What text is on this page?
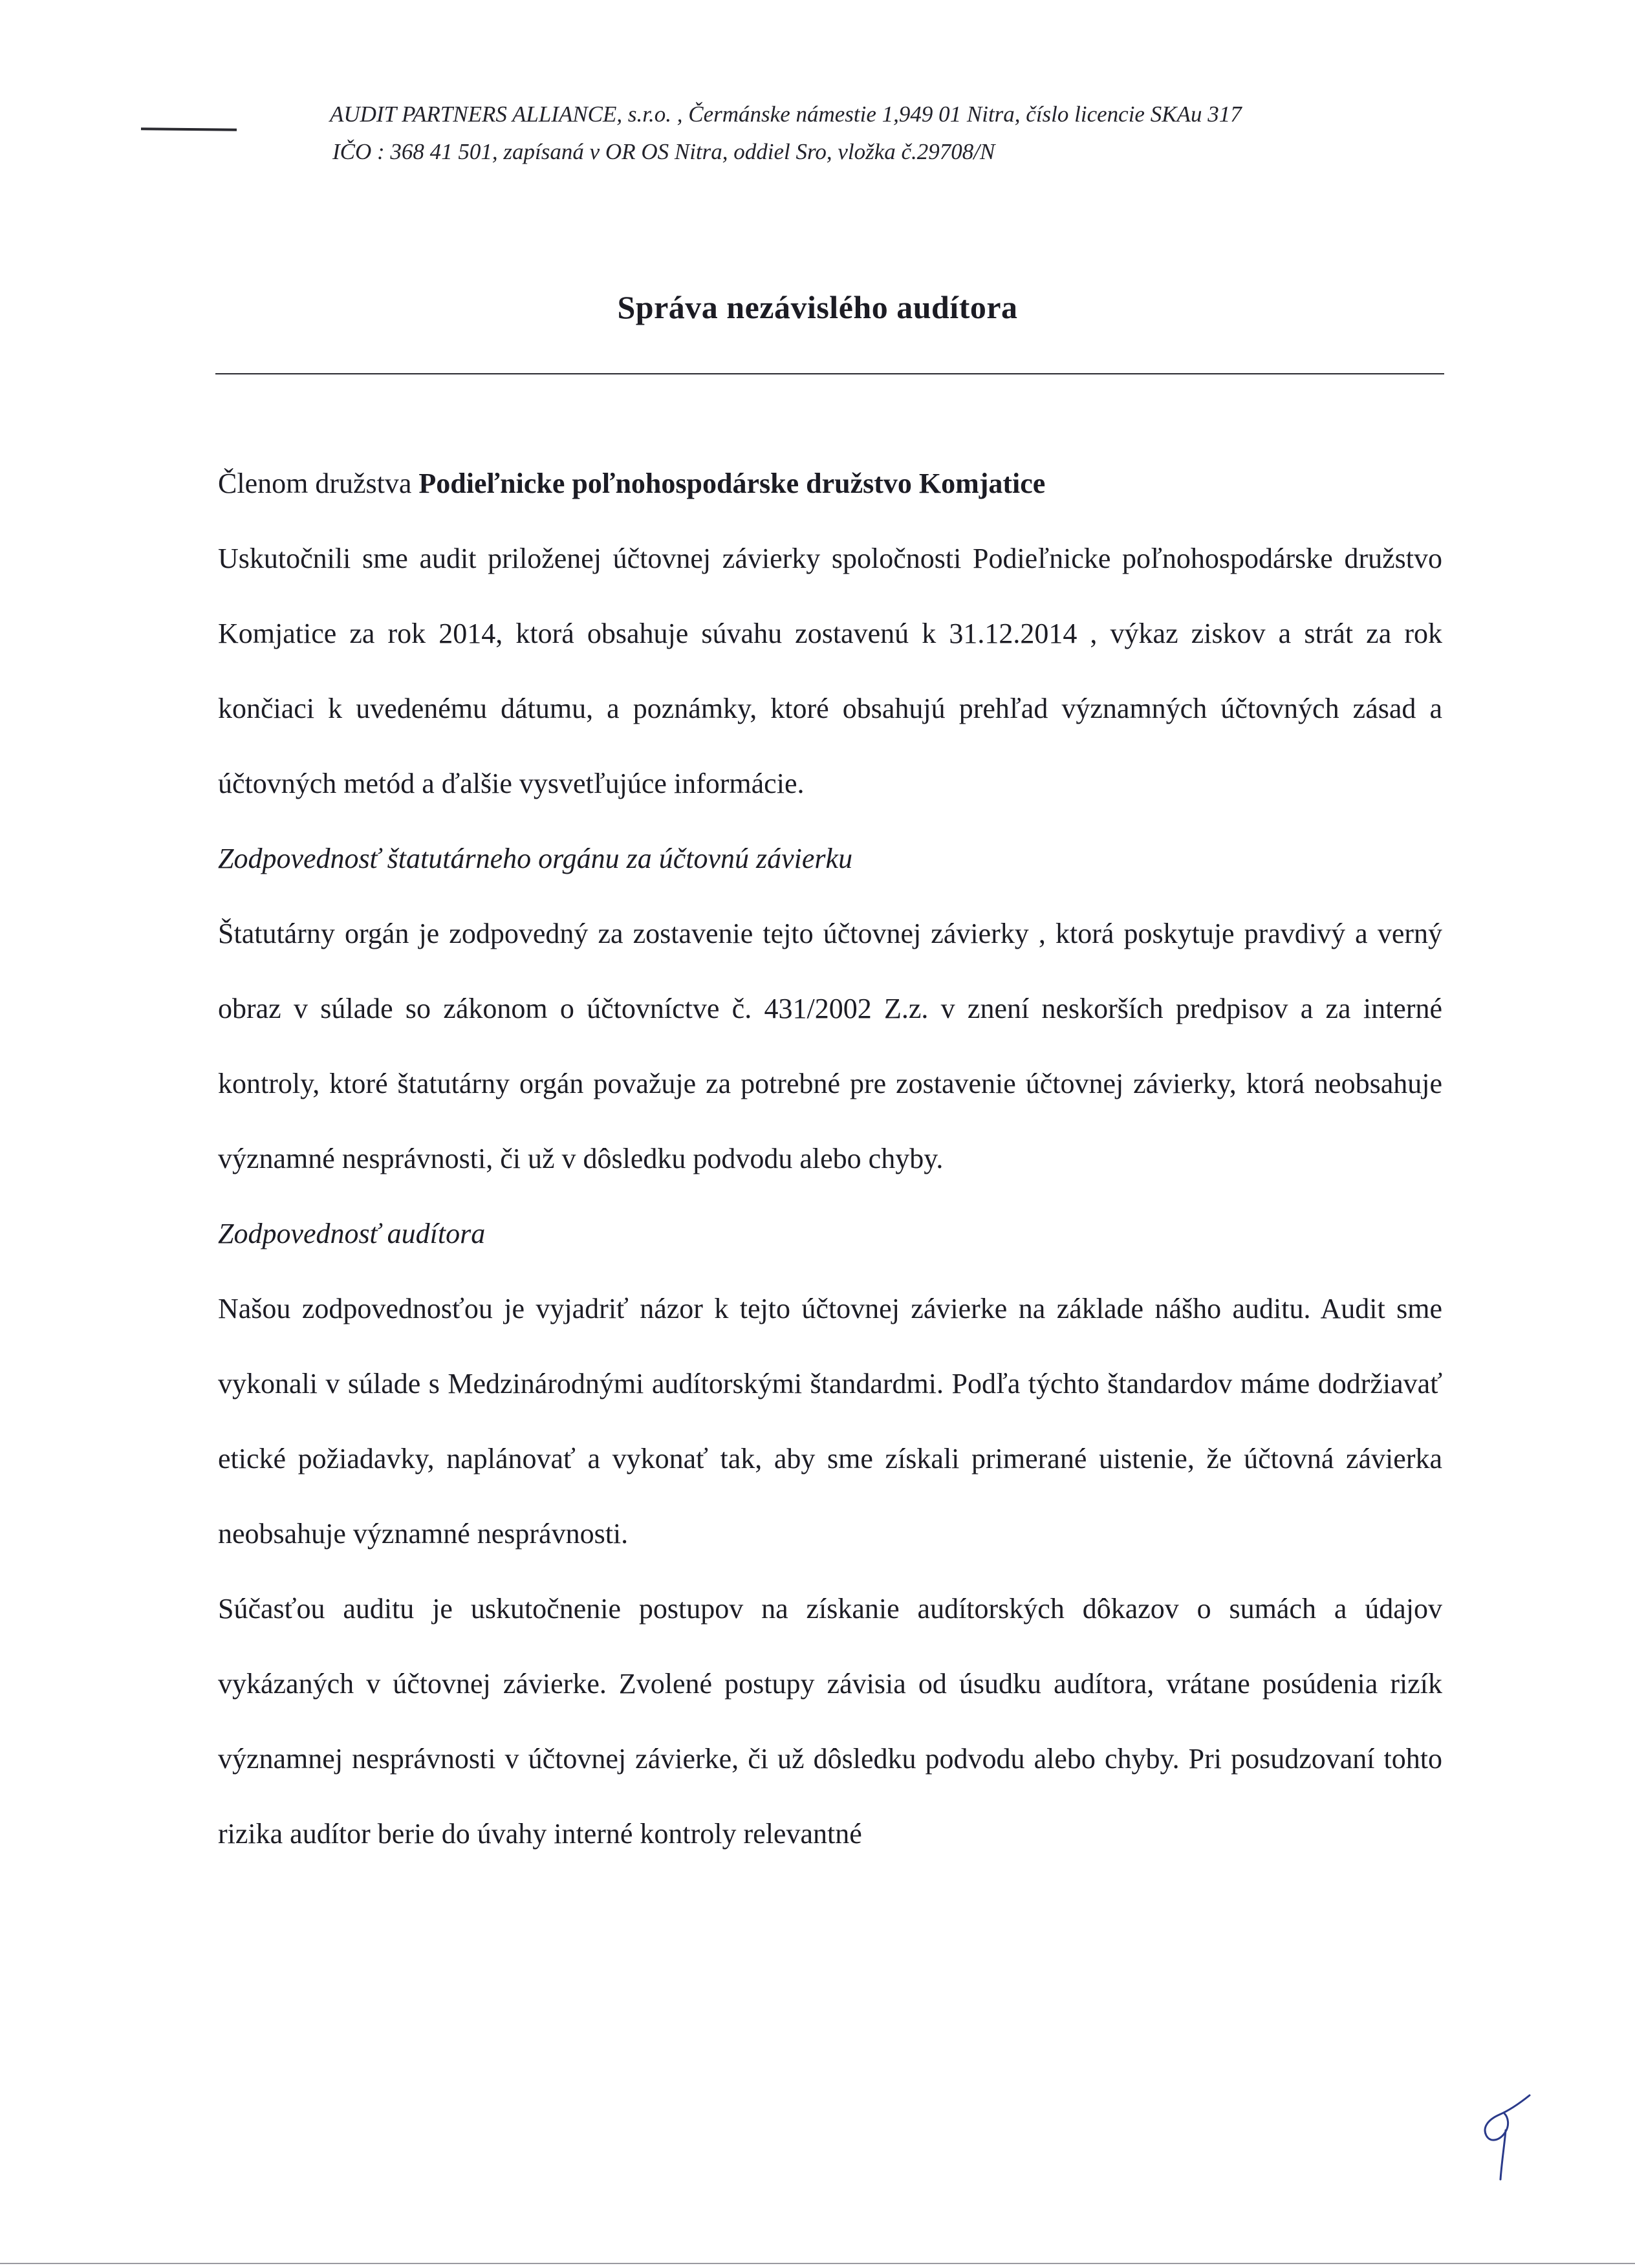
AUDIT PARTNERS ALLIANCE, s.r.o. , Čermánske námestie 1,949 01 Nitra, číslo licencie SKAu 317
IČO : 368 41 501, zapísaná v OR OS Nitra, oddiel Sro, vložka č.29708/N
Správa nezávislého audítora

Členom družstva Podieľnicke poľnohospodárske družstvo Komjatice

Uskutočnili sme audit priloženej účtovnej závierky spoločnosti Podieľnicke poľnohospodárske družstvo Komjatice za rok 2014, ktorá obsahuje súvahu zostavenú k 31.12.2014 , výkaz ziskov a strát za rok končiaci k uvedenému dátumu, a poznámky, ktoré obsahujú prehľad významných účtovných zásad a účtovných metód a ďalšie vysvetľujúce informácie.

Zodpovednosť štatutárneho orgánu za účtovnú závierku

Štatutárny orgán je zodpovedný za zostavenie tejto účtovnej závierky , ktorá poskytuje pravdivý a verný obraz v súlade so zákonom o účtovníctve č. 431/2002 Z.z. v znení neskorších predpisov a za interné kontroly, ktoré štatutárny orgán považuje za potrebné pre zostavenie účtovnej závierky, ktorá neobsahuje významné nesprávnosti, či už v dôsledku podvodu alebo chyby.

Zodpovednosť audítora

Našou zodpovednosťou je vyjadriť názor k tejto účtovnej závierke na základe nášho auditu. Audit sme vykonali v súlade s Medzinárodnými audítorskými štandardmi. Podľa týchto štandardov máme dodržiavať etické požiadavky, naplánovať a vykonať tak, aby sme získali primerané uistenie, že účtovná závierka neobsahuje významné nesprávnosti.

Súčasťou auditu je uskutočnenie postupov na získanie audítorských dôkazov o sumách a údajov vykázaných v účtovnej závierke. Zvolené postupy závisia od úsudku audítora, vrátane posúdenia rizík významnej nesprávnosti v účtovnej závierke, či už dôsledku podvodu alebo chyby. Pri posudzovaní tohto rizika audítor berie do úvahy interné kontroly relevantné
